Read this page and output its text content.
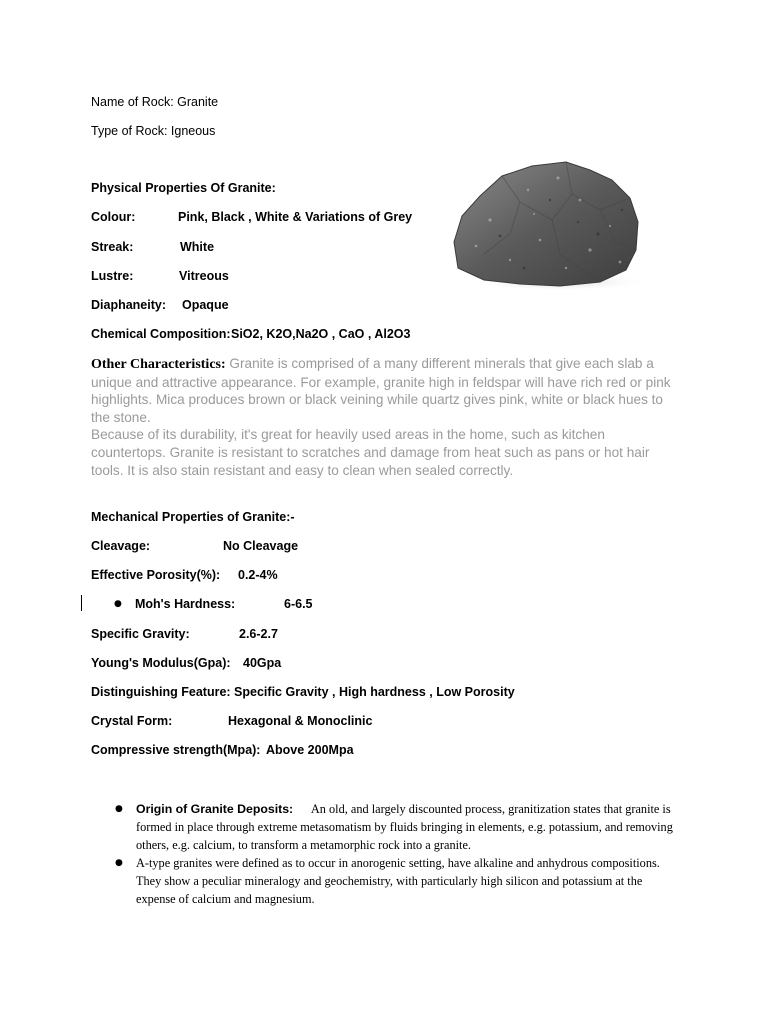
Name of Rock: Granite
Type of Rock: Igneous
Physical Properties Of Granite:
Colour:	Pink, Black , White & Variations of Grey
Streak:	White
Lustre:	Vitreous
Diaphaneity: Opaque
Chemical Composition: SiO2, K2O,Na2O , CaO , Al2O3
Other Characteristics: Granite is comprised of a many different minerals that give each slab a unique and attractive appearance. For example, granite high in feldspar will have rich red or pink highlights. Mica produces brown or black veining while quartz gives pink, white or black hues to the stone.
Because of its durability, it's great for heavily used areas in the home, such as kitchen countertops. Granite is resistant to scratches and damage from heat such as pans or hot hair tools. It is also stain resistant and easy to clean when sealed correctly.
Mechanical Properties of Granite:-
Cleavage:	No Cleavage
Effective Porosity(%): 0.2-4%
● Moh's Hardness:	6-6.5
Specific Gravity:	2.6-2.7
Young's Modulus(Gpa): 40Gpa
Distinguishing Feature: Specific Gravity , High hardness , Low Porosity
Crystal Form:	Hexagonal & Monoclinic
Compressive strength(Mpa): Above 200Mpa
● Origin of Granite Deposits: An old, and largely discounted process, granitization states that granite is formed in place through extreme metasomatism by fluids bringing in elements, e.g. potassium, and removing others, e.g. calcium, to transform a metamorphic rock into a granite.
● A-type granites were defined as to occur in anorogenic setting, have alkaline and anhydrous compositions. They show a peculiar mineralogy and geochemistry, with particularly high silicon and potassium at the expense of calcium and magnesium.
